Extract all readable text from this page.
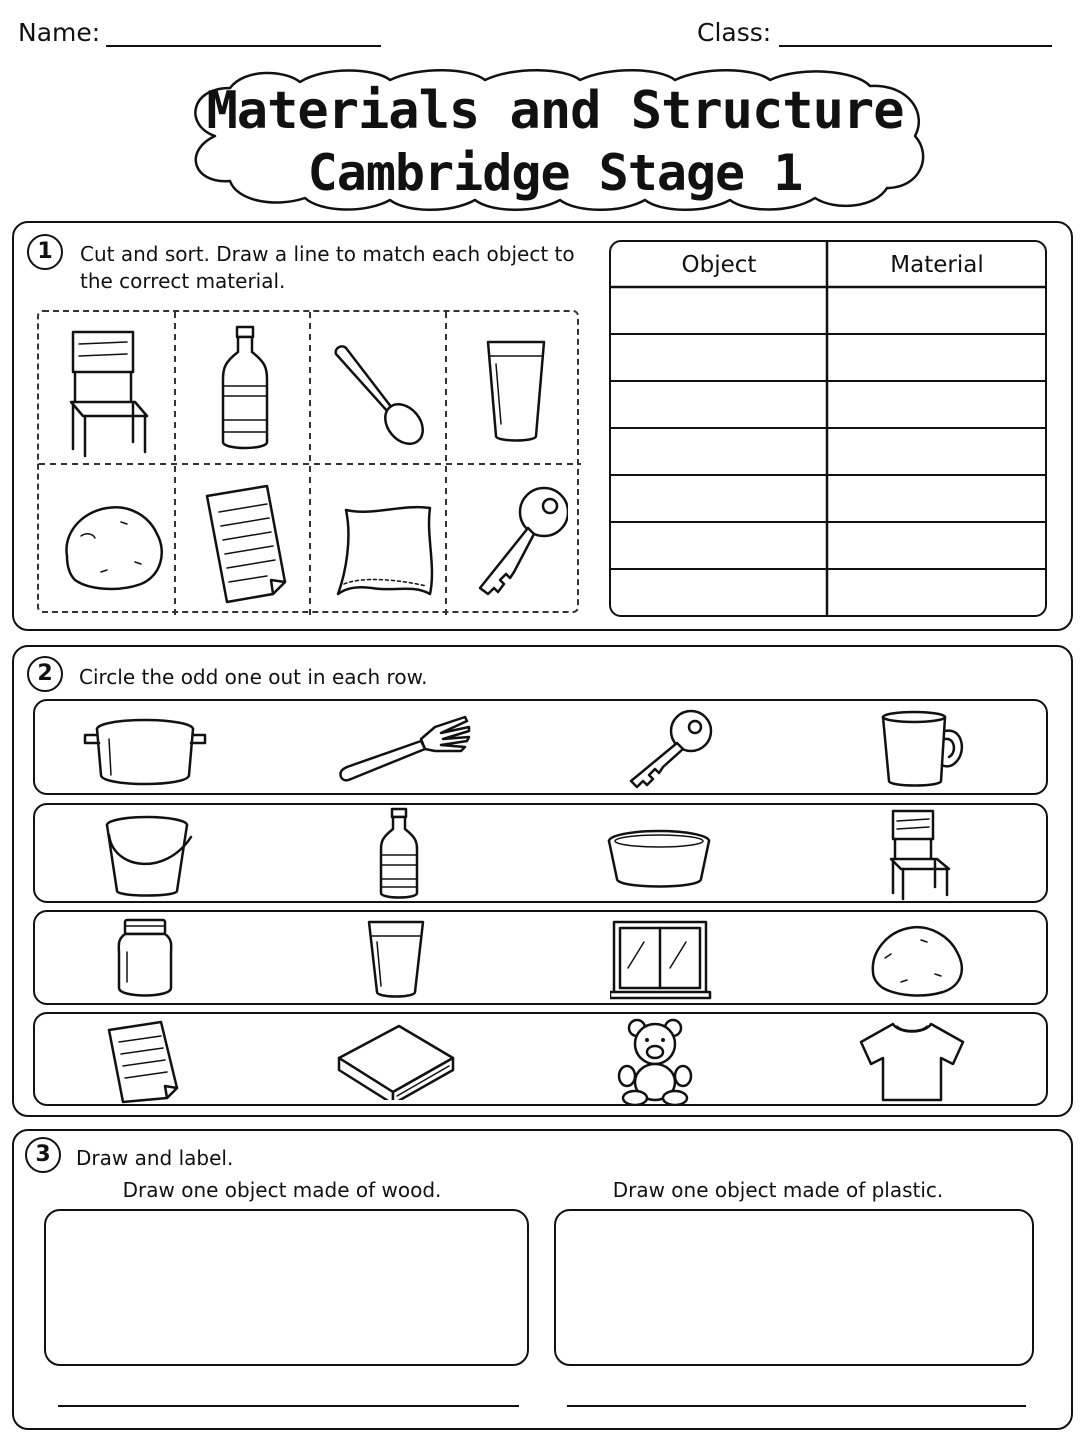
Name:	Class:
Materials and Structure
Cambridge Stage 1
1	Cut and sort. Draw a line to match each object to the correct material.
Object	Material
2	Circle the odd one out in each row.
3	Draw and label.
Draw one object made of wood.	Draw one object made of plastic.
